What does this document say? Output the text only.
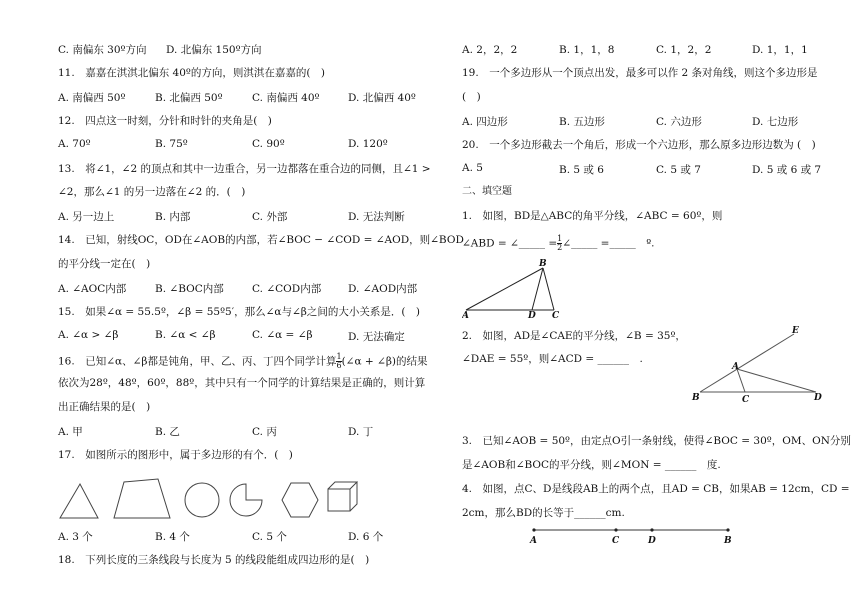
C. 南偏东 30º方向 D. 北偏东 150º方向
11.　嘉嘉在淇淇北偏东 40º的方向，则淇淇在嘉嘉的(　)
A. 南偏西 50º	B. 北偏西 50º	C. 南偏西 40º	D. 北偏西 40º
12.　四点这一时刻，分针和时针的夹角是(　)
A. 70º	B. 75º	C. 90º	D. 120º
13.　将∠1，∠2 的顶点和其中一边重合，另一边都落在重合边的同侧，且∠1 >
∠2，那么∠1 的另一边落在∠2 的．(　)
A. 另一边上	B. 内部	C. 外部	D. 无法判断
14.　已知，射线OC，OD在∠AOB的内部，若∠BOC − ∠COD = ∠AOD，则∠BOD
的平分线一定在(　)
A. ∠AOC内部	B. ∠BOC内部	C. ∠COD内部	D. ∠AOD内部
15.　如果∠α = 55.5º，∠β = 55º5′，那么∠α与∠β之间的大小关系是．(　)
A. ∠α > ∠β	B. ∠α < ∠β	C. ∠α = ∠β	D. 无法确定
16.　已知∠α、∠β都是钝角，甲、乙、丙、丁四个同学计算 $\frac{1}{6}$ (∠α + ∠β)的结果
依次为28º，48º，60º，88º，其中只有一个同学的计算结果是正确的，则计算
出正确结果的是(　)
A. 甲	B. 乙	C. 丙	D. 丁
17.　如图所示的图形中，属于多边形的有个．(　)
A. 3 个	B. 4 个	C. 5 个	D. 6 个
18.　下列长度的三条线段与长度为 5 的线段能组成四边形的是(　)
A. 2，2，2	B. 1，1，8	C. 1，2，2	D. 1，1，1
19.　一个多边形从一个顶点出发，最多可以作 2 条对角线，则这个多边形是
(　)
A. 四边形	B. 五边形	C. 六边形	D. 七边形
20.　一个多边形截去一个角后，形成一个六边形，那么原多边形边数为 (　)
A. 5	B. 5 或 6	C. 5 或 7	D. 5 或 6 或 7
二、填空题
1.　如图，BD是△ABC的角平分线，∠ABC = 60º，则
∠ABD = ∠_____ = $\frac{1}{2}$ ∠_____ =_____　º.
A
B
D C
2.　如图，AD是∠CAE的平分线，∠B = 35º，
∠DAE = 55º，则∠ACD = ______　.
E
A
B	C	D
3.　已知∠AOB = 50º，由定点O引一条射线，使得∠BOC = 30º，OM、ON分别
是∠AOB和∠BOC的平分线，则∠MON = ______　度.
4.　如图，点C、D是线段AB上的两个点，且AD = CB，如果AB = 12cm，CD =
2cm，那么BD的长等于______cm.
A	C	D	B
